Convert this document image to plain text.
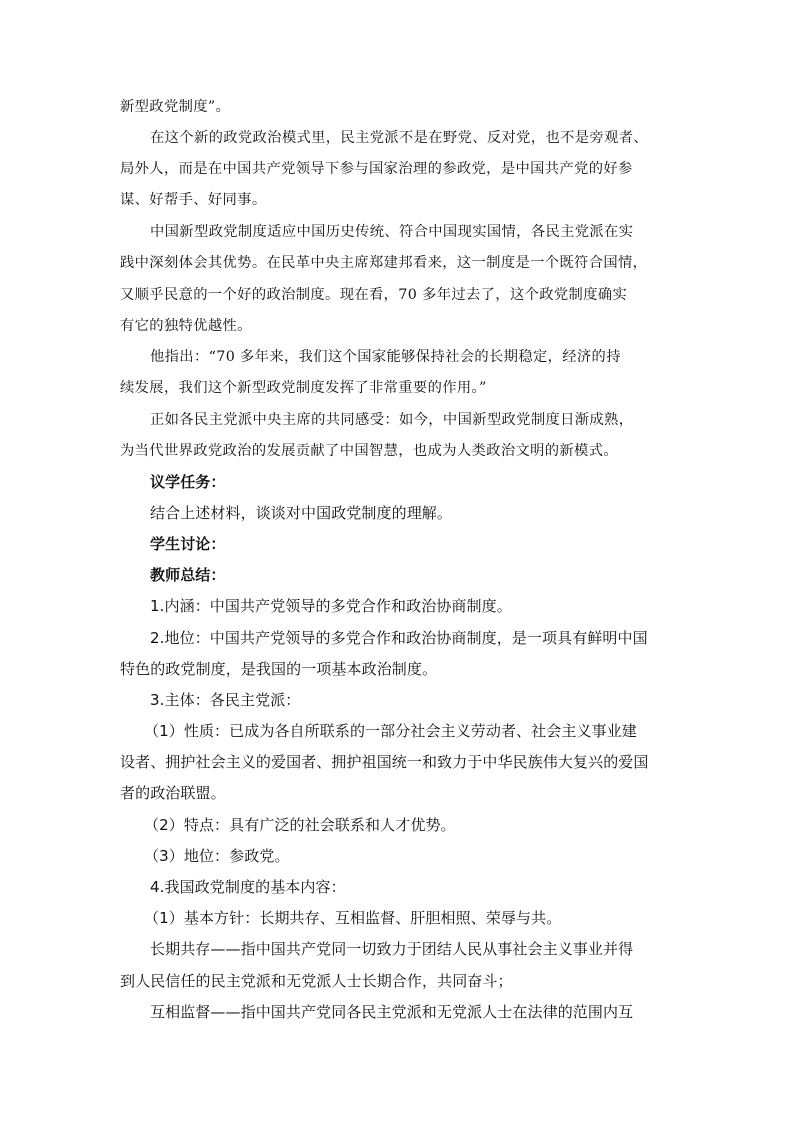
新型政党制度”。

在这个新的政党政治模式里，民主党派不是在野党、反对党，也不是旁观者、

局外人，而是在中国共产党领导下参与国家治理的参政党，是中国共产党的好参

谋、好帮手、好同事。

中国新型政党制度适应中国历史传统、符合中国现实国情，各民主党派在实

践中深刻体会其优势。在民革中央主席郑建邦看来，这一制度是一个既符合国情，

又顺乎民意的一个好的政治制度。现在看，70 多年过去了，这个政党制度确实

有它的独特优越性。

他指出：“70 多年来，我们这个国家能够保持社会的长期稳定，经济的持

续发展，我们这个新型政党制度发挥了非常重要的作用。”

正如各民主党派中央主席的共同感受：如今，中国新型政党制度日渐成熟，

为当代世界政党政治的发展贡献了中国智慧，也成为人类政治文明的新模式。

议学任务：

结合上述材料，谈谈对中国政党制度的理解。

学生讨论：

教师总结：

1.内涵：中国共产党领导的多党合作和政治协商制度。

2.地位：中国共产党领导的多党合作和政治协商制度，是一项具有鲜明中国

特色的政党制度，是我国的一项基本政治制度。

3.主体：各民主党派：

（1）性质：已成为各自所联系的一部分社会主义劳动者、社会主义事业建

设者、拥护社会主义的爱国者、拥护祖国统一和致力于中华民族伟大复兴的爱国

者的政治联盟。

（2）特点：具有广泛的社会联系和人才优势。

（3）地位：参政党。

4.我国政党制度的基本内容：

（1）基本方针：长期共存、互相监督、肝胆相照、荣辱与共。

长期共存——指中国共产党同一切致力于团结人民从事社会主义事业并得

到人民信任的民主党派和无党派人士长期合作，共同奋斗；

互相监督——指中国共产党同各民主党派和无党派人士在法律的范围内互
